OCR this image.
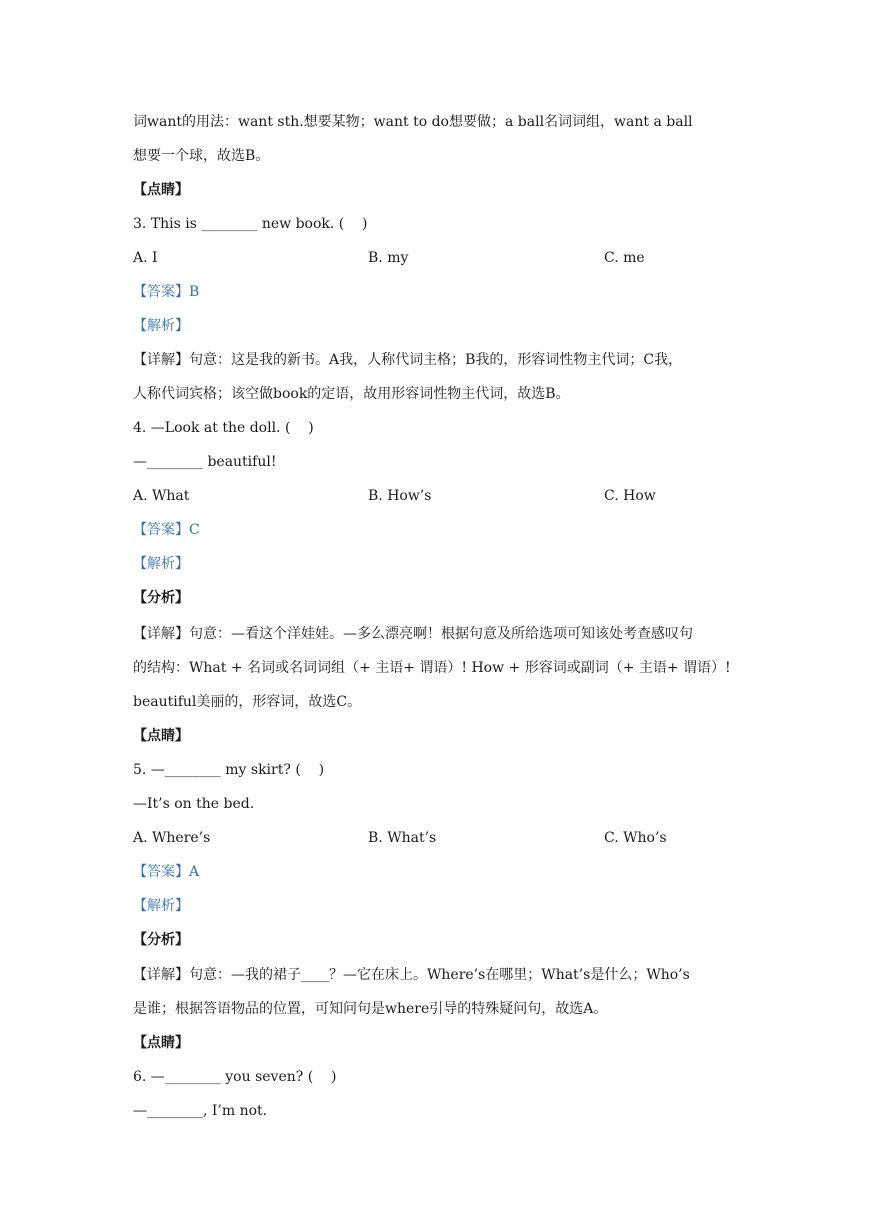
词want的用法：want sth.想要某物；want to do想要做；a ball名词词组，want a ball
想要一个球，故选B。
【点睛】
3. This is ________ new book. (    )
A. I	B. my	C. me
【答案】B
【解析】
【详解】句意：这是我的新书。A我，人称代词主格；B我的，形容词性物主代词；C我，
人称代词宾格；该空做book的定语，故用形容词性物主代词，故选B。
4. —Look at the doll. (    )
—________ beautiful!
A. What	B. How’s	C. How
【答案】C
【解析】
【分析】
【详解】句意：—看这个洋娃娃。—多么漂亮啊！根据句意及所给选项可知该处考查感叹句
的结构：What + 名词或名词词组（+ 主语+ 谓语）! How + 形容词或副词（+ 主语+ 谓语）!
beautiful美丽的，形容词，故选C。
【点睛】
5. —________ my skirt? (    )
—It’s on the bed.
A. Where’s	B. What’s	C. Who’s
【答案】A
【解析】
【分析】
【详解】句意：—我的裙子____？—它在床上。Where’s在哪里；What’s是什么；Who’s
是谁；根据答语物品的位置，可知问句是where引导的特殊疑问句，故选A。
【点睛】
6. —________ you seven? (    )
—________, I’m not.
